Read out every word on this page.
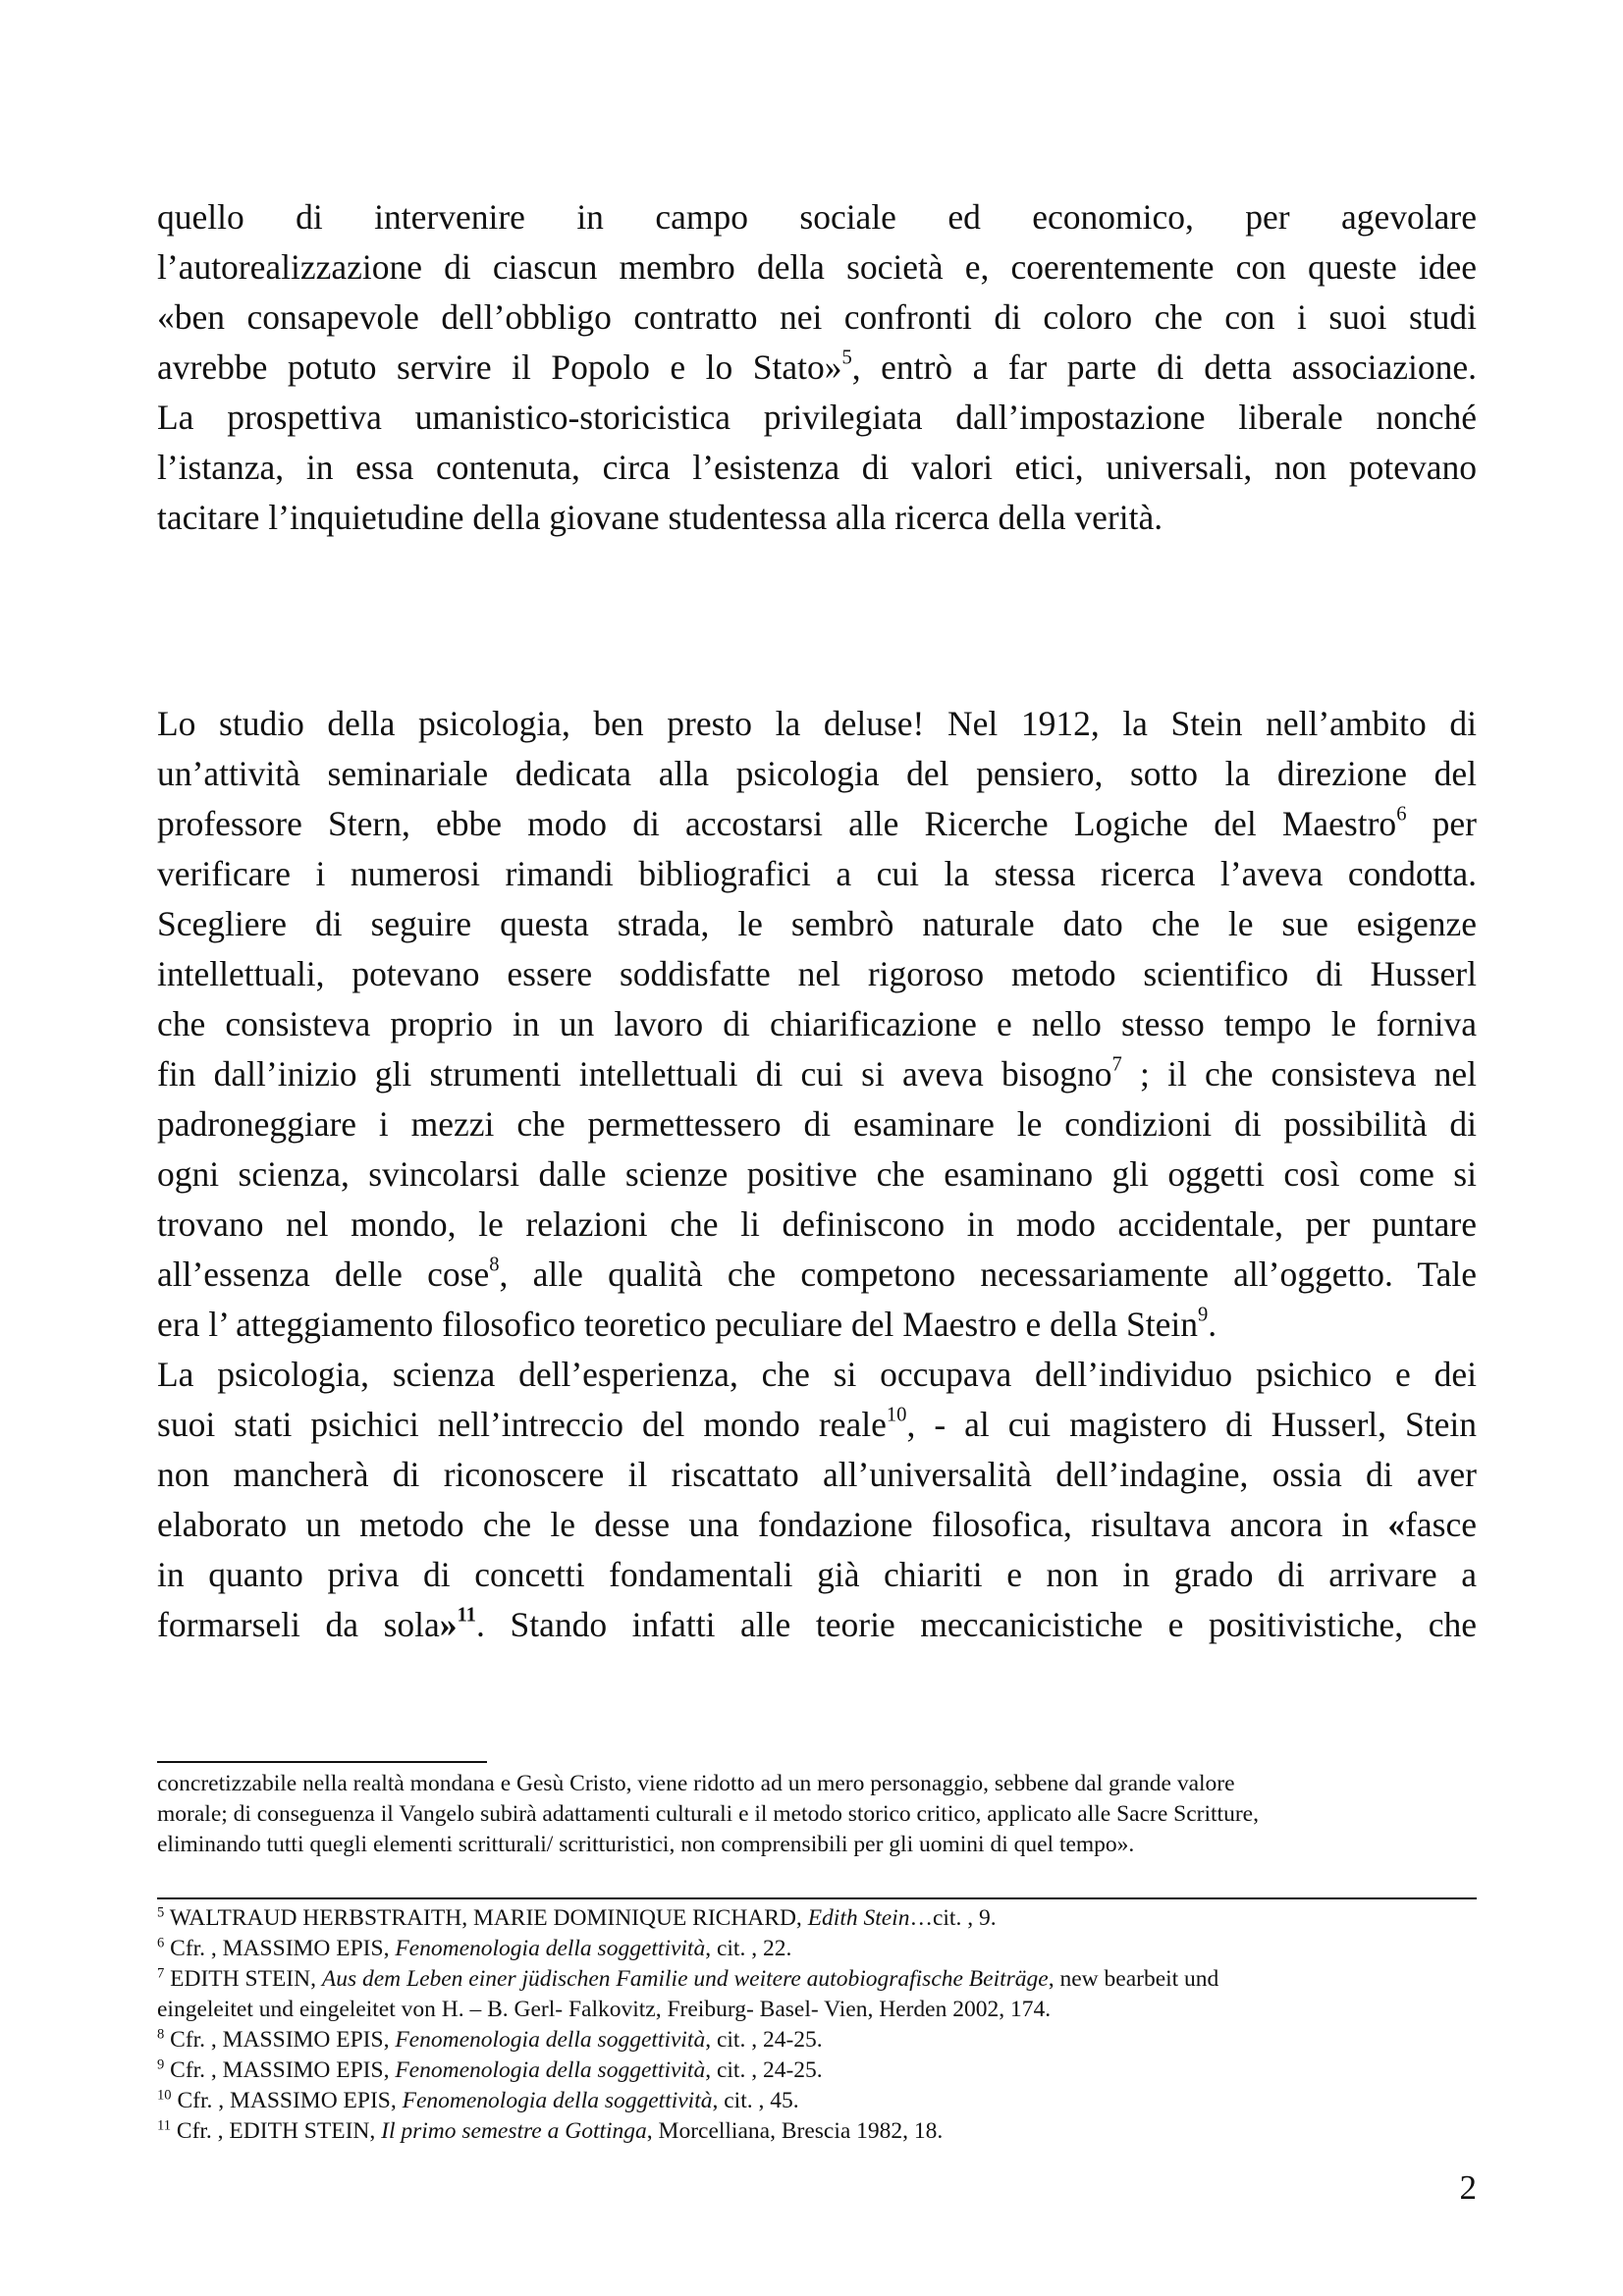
quello di intervenire in campo sociale ed economico, per agevolare

l’autorealizzazione di ciascun membro della società e, coerentemente con queste idee

«ben consapevole dell’obbligo contratto nei confronti di coloro che con i suoi studi

avrebbe potuto servire il Popolo e lo Stato»$^5$, entrò a far parte di detta associazione.

La prospettiva umanistico-storicistica privilegiata dall’impostazione liberale nonché

l’istanza, in essa contenuta, circa l’esistenza di valori etici, universali, non potevano

tacitare l’inquietudine della giovane studentessa alla ricerca della verità.

Lo studio della psicologia, ben presto la deluse! Nel 1912, la Stein nell’ambito di

un’attività seminariale dedicata alla psicologia del pensiero, sotto la direzione del

professore Stern, ebbe modo di accostarsi alle Ricerche Logiche del Maestro$^6$ per

verificare i numerosi rimandi bibliografici a cui la stessa ricerca l’aveva condotta.

Scegliere di seguire questa strada, le sembrò naturale dato che le sue esigenze

intellettuali, potevano essere soddisfatte nel rigoroso metodo scientifico di Husserl

che consisteva proprio in un lavoro di chiarificazione e nello stesso tempo le forniva

fin dall’inizio gli strumenti intellettuali di cui si aveva bisogno$^7$ ; il che consisteva nel

padroneggiare i mezzi che permettessero di esaminare le condizioni di possibilità di

ogni scienza, svincolarsi dalle scienze positive che esaminano gli oggetti così come si

trovano nel mondo, le relazioni che li definiscono in modo accidentale, per puntare

all’essenza delle cose$^8$, alle qualità che competono necessariamente all’oggetto. Tale

era l’ atteggiamento filosofico teoretico peculiare del Maestro e della Stein$^9$.

La psicologia, scienza dell’esperienza, che si occupava dell’individuo psichico e dei

suoi stati psichici nell’intreccio del mondo reale$^{10}$, - al cui magistero di Husserl, Stein

non mancherà di riconoscere il riscattato all’universalità dell’indagine, ossia di aver

elaborato un metodo che le desse una fondazione filosofica, risultava ancora in «fasce

in quanto priva di concetti fondamentali già chiariti e non in grado di arrivare a

formarseli da sola»$^{11}$. Stando infatti alle teorie meccanicistiche e positivistiche, che

concretizzabile nella realtà mondana e Gesù Cristo, viene ridotto ad un mero personaggio, sebbene dal grande valore

morale; di conseguenza il Vangelo subirà adattamenti culturali e il metodo storico critico, applicato alle Sacre Scritture,

eliminando tutti quegli elementi scritturali/ scritturistici, non comprensibili per gli uomini di quel tempo».

$^5$ WALTRAUD HERBSTRAITH, MARIE DOMINIQUE RICHARD, Edith Stein…cit. , 9.

$^6$ Cfr. , MASSIMO EPIS, Fenomenologia della soggettività, cit. , 22.

$^7$ EDITH STEIN, Aus dem Leben einer jüdischen Familie und weitere autobiografische Beiträge, new bearbeit und
eingeleitet und eingeleitet von H. – B. Gerl- Falkovitz, Freiburg- Basel- Vien, Herden 2002, 174.

$^8$ Cfr. , MASSIMO EPIS, Fenomenologia della soggettività, cit. , 24-25.

$^9$ Cfr. , MASSIMO EPIS, Fenomenologia della soggettività, cit. , 24-25.

$^{10}$ Cfr. , MASSIMO EPIS, Fenomenologia della soggettività, cit. , 45.

$^{11}$ Cfr. , EDITH STEIN, Il primo semestre a Gottinga, Morcelliana, Brescia 1982, 18.

2
